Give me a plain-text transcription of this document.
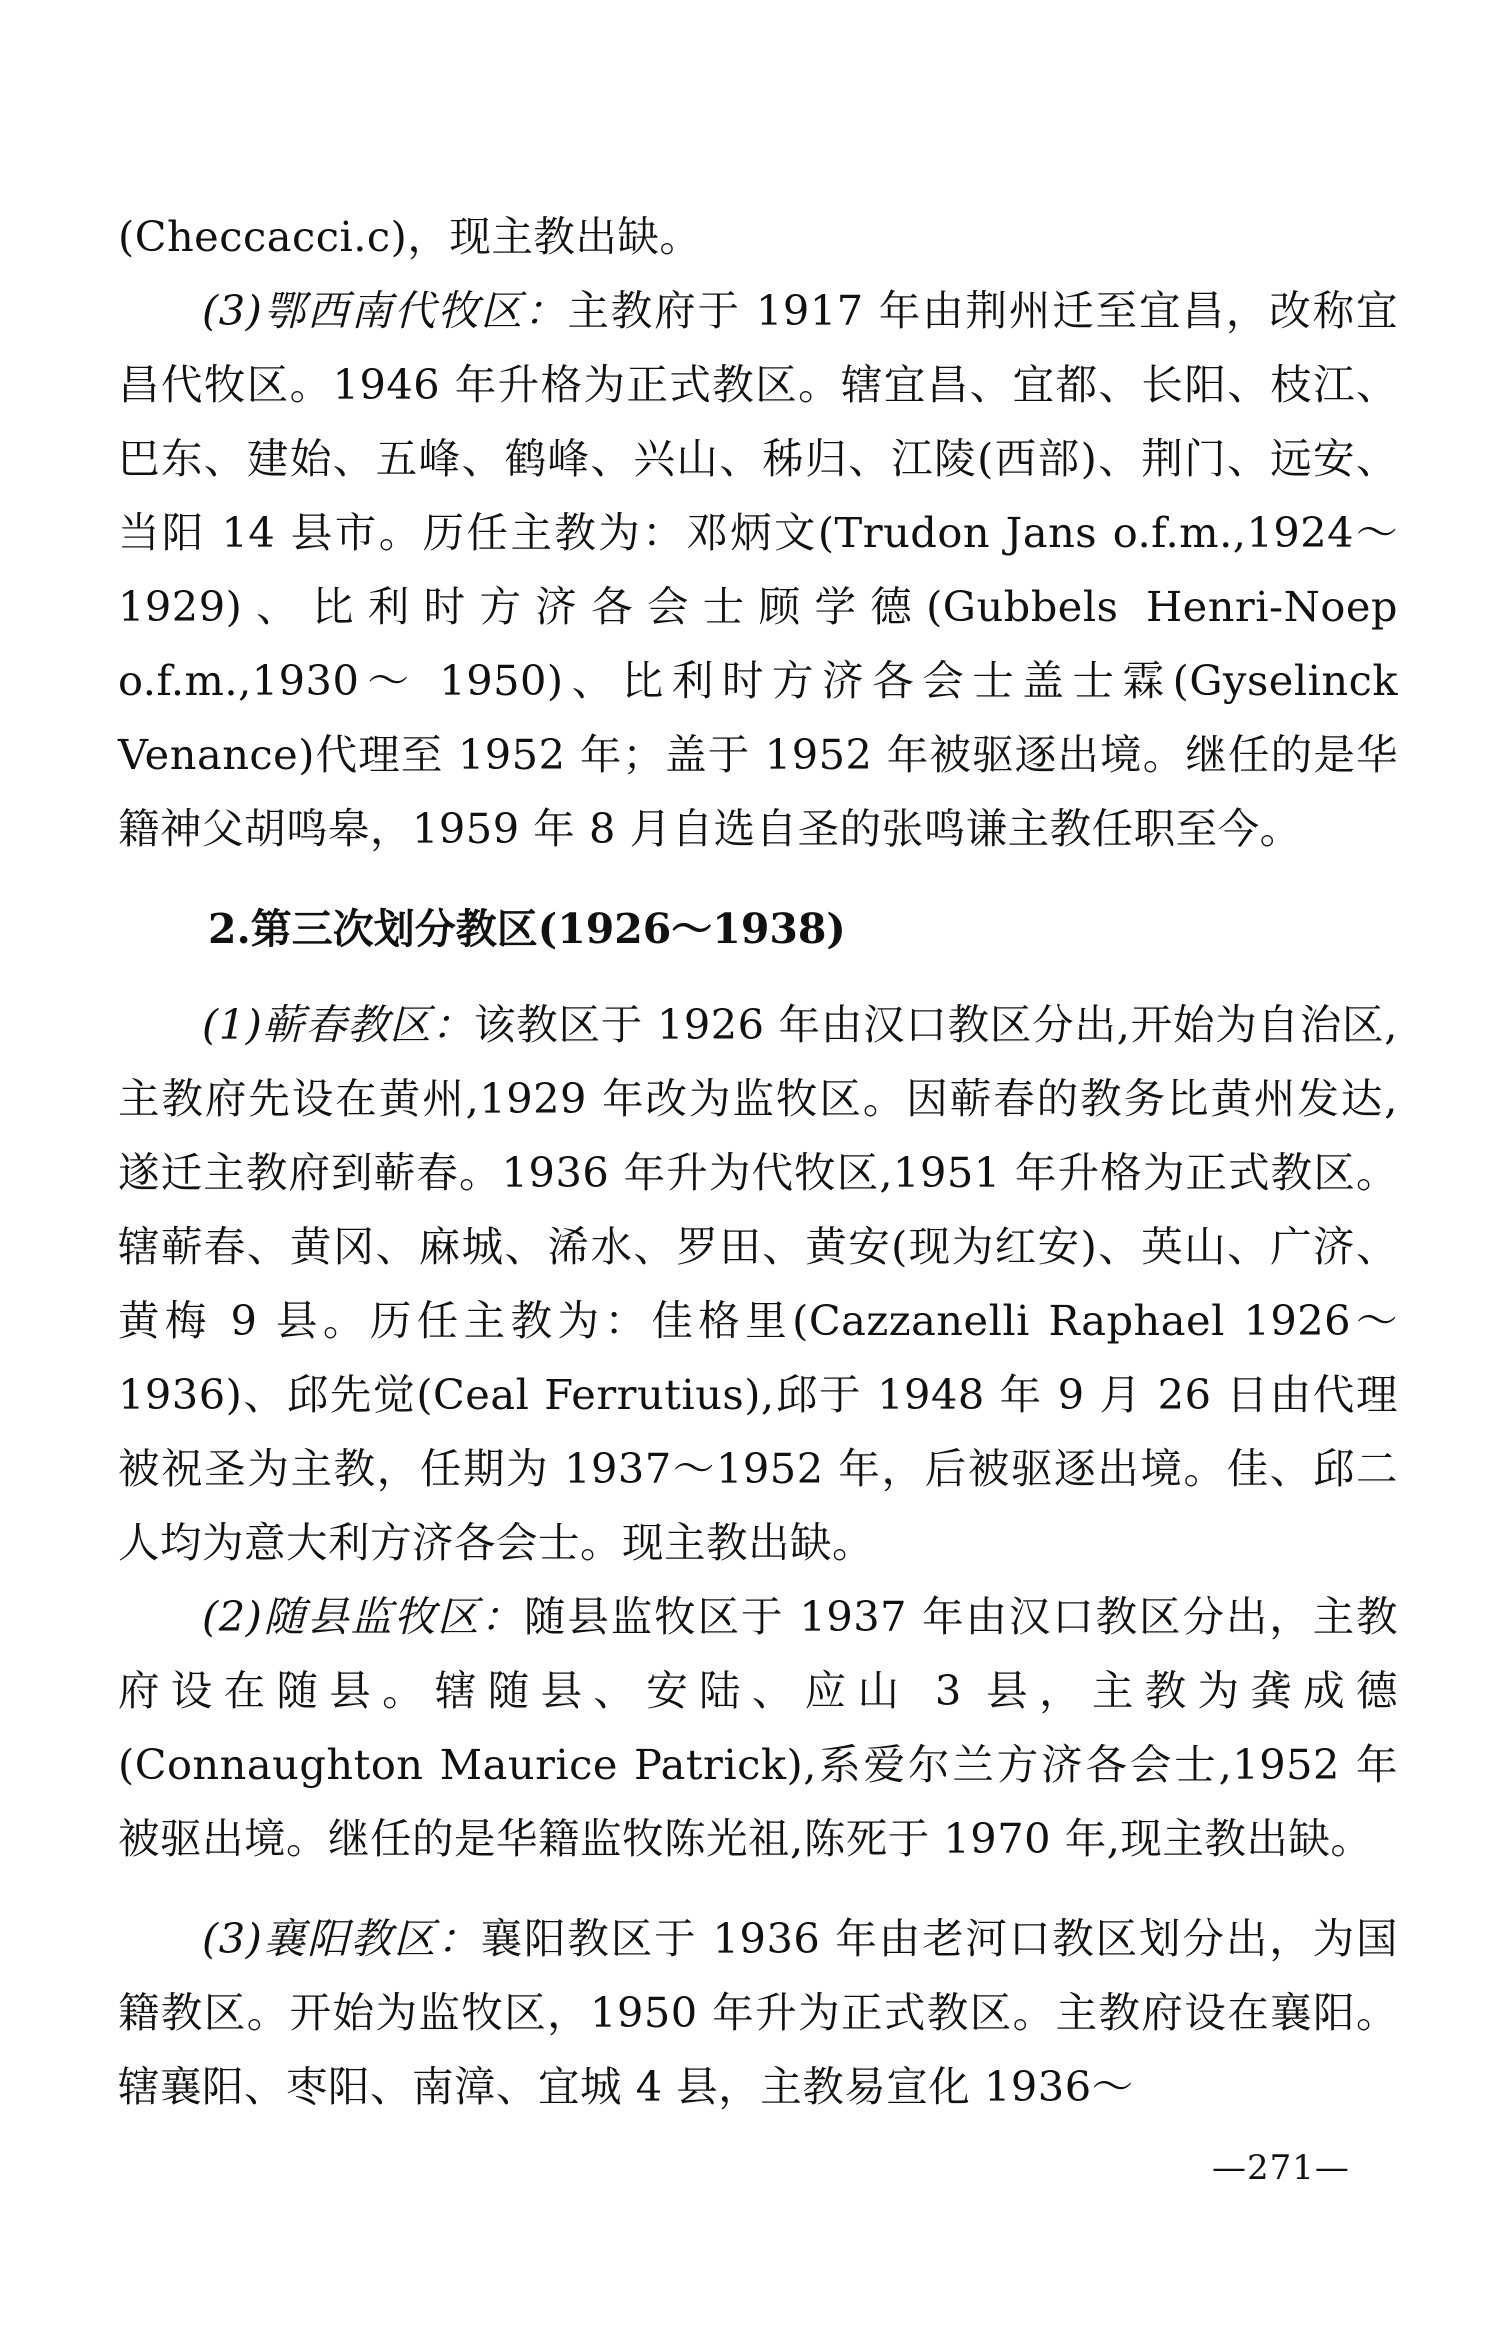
(Checcacci.c)，现主教出缺。

(3)鄂西南代牧区：主教府于 1917 年由荆州迁至宜昌，改称宜昌代牧区。1946 年升格为正式教区。辖宜昌、宜都、长阳、枝江、巴东、建始、五峰、鹤峰、兴山、秭归、江陵(西部)、荆门、远安、当阳 14 县市。历任主教为：邓炳文(Trudon Jans o.f.m.,1924～ 1929)、比利时方济各会士顾学德(Gubbels Henri-Noep o.f.m.,1930～ 1950)、比利时方济各会士盖士霖(Gyselinck Venance)代理至 1952 年；盖于 1952 年被驱逐出境。继任的是华籍神父胡鸣皋，1959 年 8 月自选自圣的张鸣谦主教任职至今。

2.第三次划分教区(1926～1938)

(1)蕲春教区：该教区于 1926 年由汉口教区分出,开始为自治区,主教府先设在黄州,1929 年改为监牧区。因蕲春的教务比黄州发达,遂迁主教府到蕲春。1936 年升为代牧区,1951 年升格为正式教区。辖蕲春、黄冈、麻城、浠水、罗田、黄安(现为红安)、英山、广济、黄梅 9 县。历任主教为：佳格里(Cazzanelli Raphael 1926～1936)、邱先觉(Ceal Ferrutius),邱于 1948 年 9 月 26 日由代理被祝圣为主教，任期为 1937～1952 年，后被驱逐出境。佳、邱二人均为意大利方济各会士。现主教出缺。

(2)随县监牧区：随县监牧区于 1937 年由汉口教区分出，主教府设在随县。辖随县、安陆、应山 3 县，主教为龚成德(Connaughton Maurice Patrick),系爱尔兰方济各会士,1952 年被驱出境。继任的是华籍监牧陈光祖,陈死于 1970 年,现主教出缺。

(3)襄阳教区：襄阳教区于 1936 年由老河口教区划分出，为国籍教区。开始为监牧区，1950 年升为正式教区。主教府设在襄阳。辖襄阳、枣阳、南漳、宜城 4 县，主教易宣化 1936～

—271—
